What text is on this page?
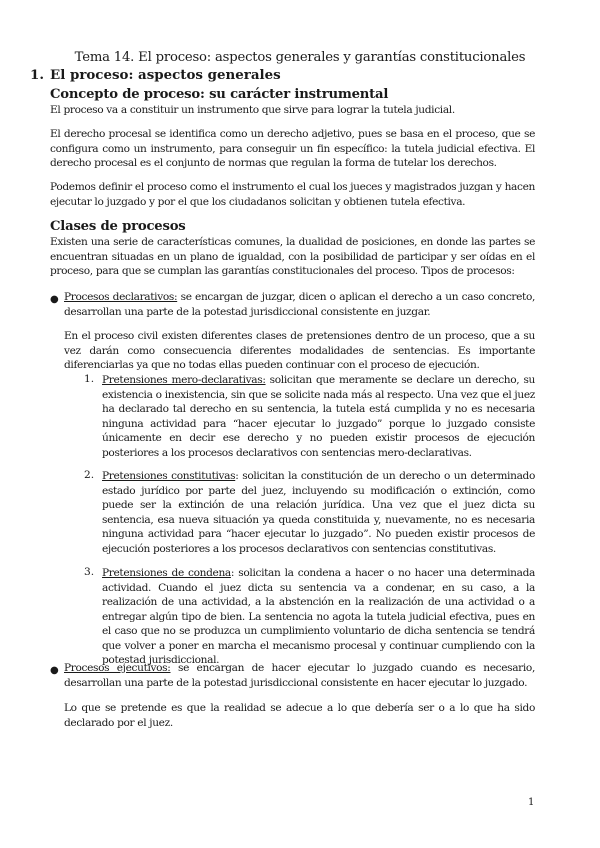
Tema 14. El proceso: aspectos generales y garantías constitucionales
1. El proceso: aspectos generales
Concepto de proceso: su carácter instrumental
El proceso va a constituir un instrumento que sirve para lograr la tutela judicial.
El derecho procesal se identifica como un derecho adjetivo, pues se basa en el proceso, que se configura como un instrumento, para conseguir un fin específico: la tutela judicial efectiva. El derecho procesal es el conjunto de normas que regulan la forma de tutelar los derechos.
Podemos definir el proceso como el instrumento el cual los jueces y magistrados juzgan y hacen ejecutar lo juzgado y por el que los ciudadanos solicitan y obtienen tutela efectiva.
Clases de procesos
Existen una serie de características comunes, la dualidad de posiciones, en donde las partes se encuentran situadas en un plano de igualdad, con la posibilidad de participar y ser oídas en el proceso, para que se cumplan las garantías constitucionales del proceso. Tipos de procesos:
● Procesos declarativos: se encargan de juzgar, dicen o aplican el derecho a un caso concreto, desarrollan una parte de la potestad jurisdiccional consistente en juzgar.
En el proceso civil existen diferentes clases de pretensiones dentro de un proceso, que a su vez darán como consecuencia diferentes modalidades de sentencias. Es importante diferenciarlas ya que no todas ellas pueden continuar con el proceso de ejecución.
1. Pretensiones mero-declarativas: solicitan que meramente se declare un derecho, su existencia o inexistencia, sin que se solicite nada más al respecto. Una vez que el juez ha declarado tal derecho en su sentencia, la tutela está cumplida y no es necesaria ninguna actividad para “hacer ejecutar lo juzgado” porque lo juzgado consiste únicamente en decir ese derecho y no pueden existir procesos de ejecución posteriores a los procesos declarativos con sentencias mero-declarativas.
2. Pretensiones constitutivas: solicitan la constitución de un derecho o un determinado estado jurídico por parte del juez, incluyendo su modificación o extinción, como puede ser la extinción de una relación jurídica. Una vez que el juez dicta su sentencia, esa nueva situación ya queda constituida y, nuevamente, no es necesaria ninguna actividad para “hacer ejecutar lo juzgado”. No pueden existir procesos de ejecución posteriores a los procesos declarativos con sentencias constitutivas.
3. Pretensiones de condena: solicitan la condena a hacer o no hacer una determinada actividad. Cuando el juez dicta su sentencia va a condenar, en su caso, a la realización de una actividad, a la abstención en la realización de una actividad o a entregar algún tipo de bien. La sentencia no agota la tutela judicial efectiva, pues en el caso que no se produzca un cumplimiento voluntario de dicha sentencia se tendrá que volver a poner en marcha el mecanismo procesal y continuar cumpliendo con la potestad jurisdiccional.
● Procesos ejecutivos: se encargan de hacer ejecutar lo juzgado cuando es necesario, desarrollan una parte de la potestad jurisdiccional consistente en hacer ejecutar lo juzgado.
Lo que se pretende es que la realidad se adecue a lo que debería ser o a lo que ha sido declarado por el juez.
1
